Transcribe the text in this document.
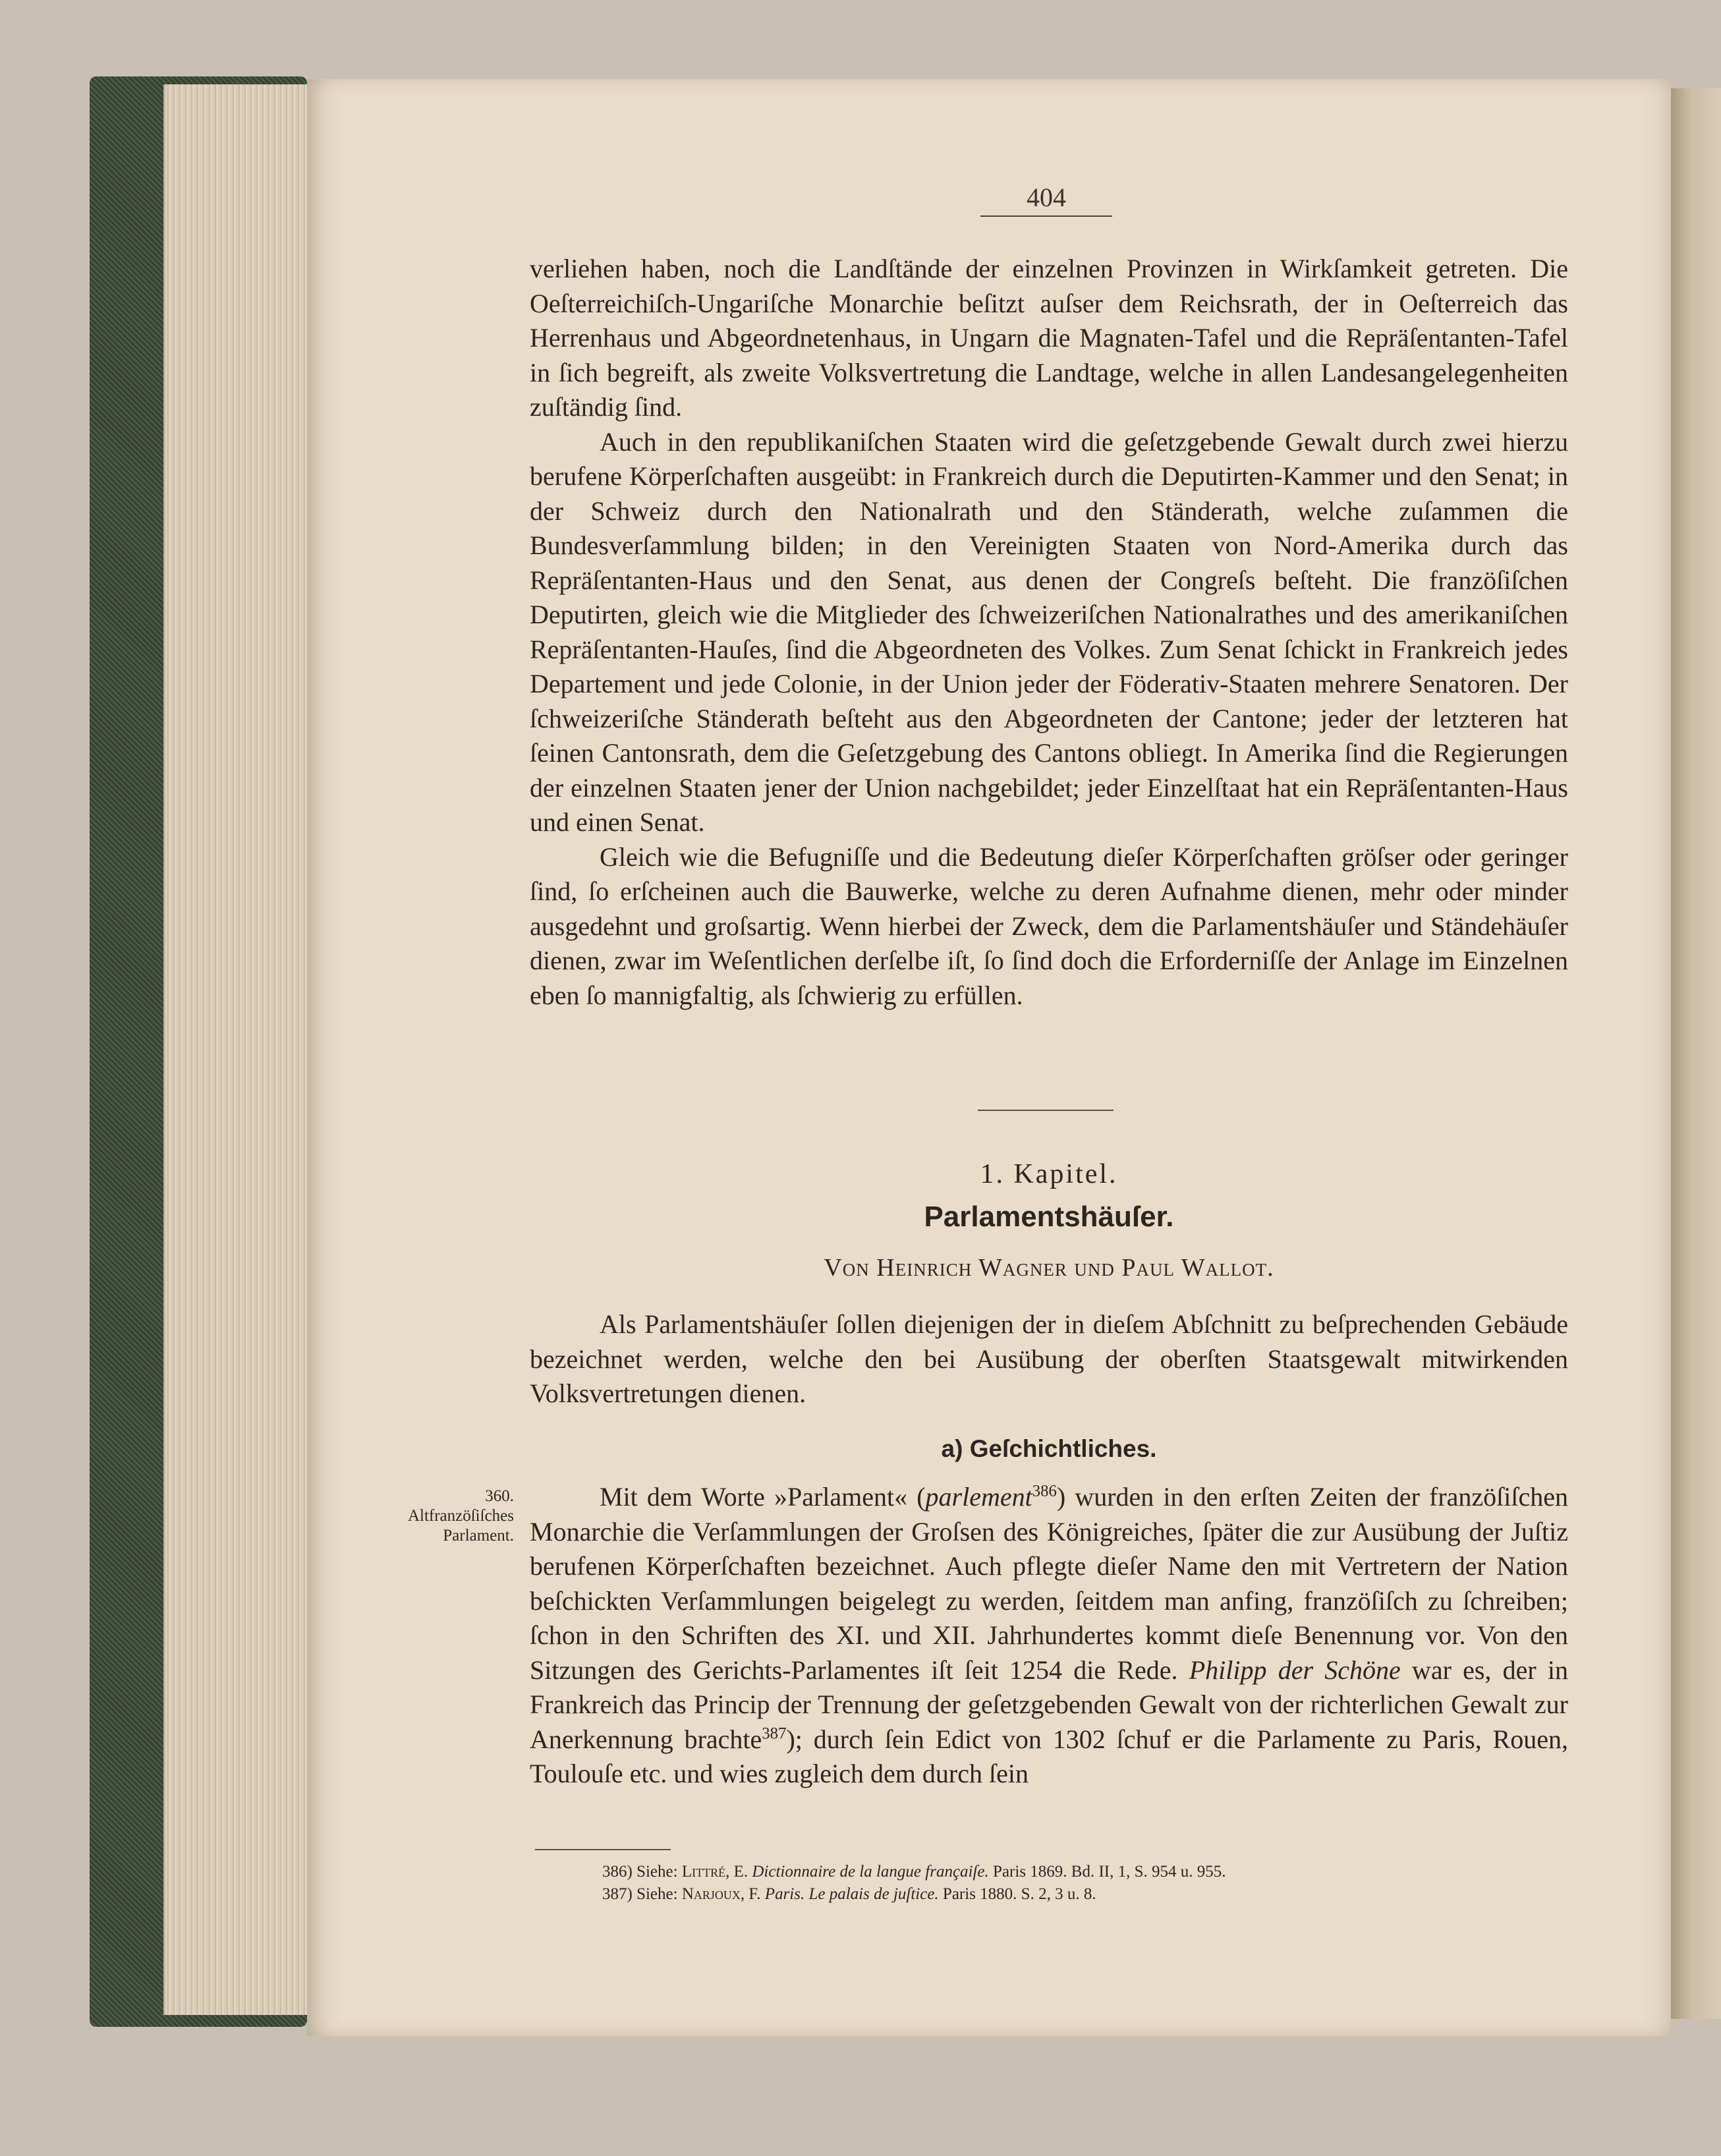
404

verliehen haben, noch die Landſtände der einzelnen Provinzen in Wirkſamkeit getreten. Die Oeſterreichiſch-Ungariſche Monarchie beſitzt auſser dem Reichsrath, der in Oeſterreich das Herrenhaus und Abgeordnetenhaus, in Ungarn die Magnaten-Tafel und die Repräſentanten-Tafel in ſich begreift, als zweite Volksvertretung die Landtage, welche in allen Landesangelegenheiten zuſtändig ſind.

Auch in den republikaniſchen Staaten wird die geſetzgebende Gewalt durch zwei hierzu berufene Körperſchaften ausgeübt: in Frankreich durch die Deputirten-Kammer und den Senat; in der Schweiz durch den Nationalrath und den Ständerath, welche zuſammen die Bundesverſammlung bilden; in den Vereinigten Staaten von Nord-Amerika durch das Repräſentanten-Haus und den Senat, aus denen der Congreſs beſteht. Die franzöſiſchen Deputirten, gleich wie die Mitglieder des ſchweizeriſchen Nationalrathes und des amerikaniſchen Repräſentanten-Hauſes, ſind die Abgeordneten des Volkes. Zum Senat ſchickt in Frankreich jedes Departement und jede Colonie, in der Union jeder der Föderativ-Staaten mehrere Senatoren. Der ſchweizeriſche Ständerath beſteht aus den Abgeordneten der Cantone; jeder der letzteren hat ſeinen Cantonsrath, dem die Geſetzgebung des Cantons obliegt. In Amerika ſind die Regierungen der einzelnen Staaten jener der Union nachgebildet; jeder Einzelſtaat hat ein Repräſentanten-Haus und einen Senat.

Gleich wie die Befugniſſe und die Bedeutung dieſer Körperſchaften gröſser oder geringer ſind, ſo erſcheinen auch die Bauwerke, welche zu deren Aufnahme dienen, mehr oder minder ausgedehnt und groſsartig. Wenn hierbei der Zweck, dem die Parlamentshäuſer und Ständehäuſer dienen, zwar im Weſentlichen derſelbe iſt, ſo ſind doch die Erforderniſſe der Anlage im Einzelnen eben ſo mannigfaltig, als ſchwierig zu erfüllen.

1. Kapitel.
Parlamentshäuſer.
Von Heinrich Wagner und Paul Wallot.

Als Parlamentshäuſer ſollen diejenigen der in dieſem Abſchnitt zu beſprechenden Gebäude bezeichnet werden, welche den bei Ausübung der oberſten Staatsgewalt mitwirkenden Volksvertretungen dienen.

a) Geſchichtliches.
360.
Altfranzöſiſches Parlament.

Mit dem Worte »Parlament« (parlement$^{386}$) wurden in den erſten Zeiten der franzöſiſchen Monarchie die Verſammlungen der Groſsen des Königreiches, ſpäter die zur Ausübung der Juſtiz berufenen Körperſchaften bezeichnet. Auch pflegte dieſer Name den mit Vertretern der Nation beſchickten Verſammlungen beigelegt zu werden, ſeitdem man anfing, franzöſiſch zu ſchreiben; ſchon in den Schriften des XI. und XII. Jahrhundertes kommt dieſe Benennung vor. Von den Sitzungen des Gerichts-Parlamentes iſt ſeit 1254 die Rede. Philipp der Schöne war es, der in Frankreich das Princip der Trennung der geſetzgebenden Gewalt von der richterlichen Gewalt zur Anerkennung brachte$^{387}$); durch ſein Edict von 1302 ſchuf er die Parlamente zu Paris, Rouen, Toulouſe etc. und wies zugleich dem durch ſein

386) Siehe: Littré, E. Dictionnaire de la langue françaiſe. Paris 1869. Bd. II, 1, S. 954 u. 955.
387) Siehe: Narjoux, F. Paris. Le palais de juſtice. Paris 1880. S. 2, 3 u. 8.
